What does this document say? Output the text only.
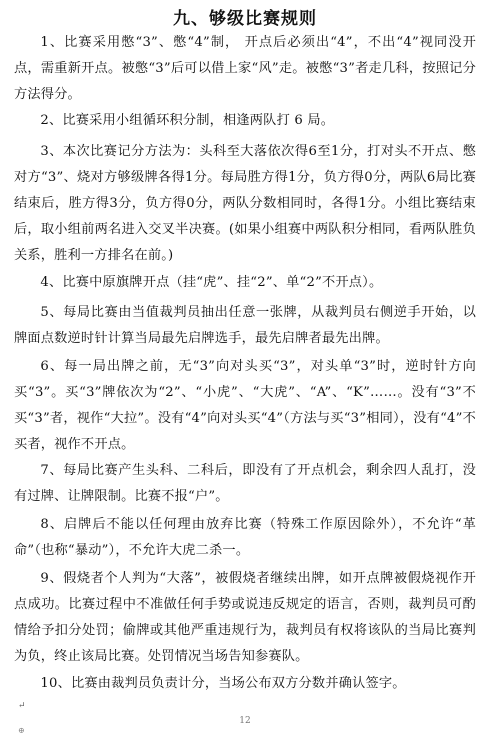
九、够级比赛规则
1、比赛采用憋“3”、憋“4”制， 开点后必须出“4”，不出“4”视同没开点，需重新开点。被憋“3”后可以借上家“风”走。被憋“3”者走几科，按照记分方法得分。
2、比赛采用小组循环积分制，相逢两队打 6 局。
3、本次比赛记分方法为：头科至大落依次得6至1分，打对头不开点、憋对方“3”、烧对方够级牌各得1分。每局胜方得1分，负方得0分，两队6局比赛结束后，胜方得3分，负方得0分，两队分数相同时，各得1分。小组比赛结束后，取小组前两名进入交叉半决赛。(如果小组赛中两队积分相同，看两队胜负关系，胜利一方排名在前。)
4、比赛中原旗牌开点（挂“虎”、挂“2”、单“2”不开点）。
5、每局比赛由当值裁判员抽出任意一张牌，从裁判员右侧逆手开始，以牌面点数逆时针计算当局最先启牌选手，最先启牌者最先出牌。
6、每一局出牌之前，无“3”向对头买“3”，对头单“3”时，逆时针方向买“3”。买“3”牌依次为“2”、“小虎”、“大虎”、“A”、“K”……。没有“3”不买“3”者，视作“大拉”。没有“4”向对头买“4”（方法与买“3”相同），没有“4”不买者，视作不开点。
7、每局比赛产生头科、二科后，即没有了开点机会，剩余四人乱打，没有过牌、让牌限制。比赛不报“户”。
8、启牌后不能以任何理由放弃比赛（特殊工作原因除外），不允许“革命”（也称“暴动”），不允许大虎二杀一。
9、假烧者个人判为“大落”，被假烧者继续出牌，如开点牌被假烧视作开点成功。比赛过程中不准做任何手势或说违反规定的语言，否则，裁判员可酌情给予扣分处罚；偷牌或其他严重违规行为，裁判员有权将该队的当局比赛判为负，终止该局比赛。处罚情况当场告知参赛队。
10、比赛由裁判员负责计分，当场公布双方分数并确认签字。
↵
12
⊕
